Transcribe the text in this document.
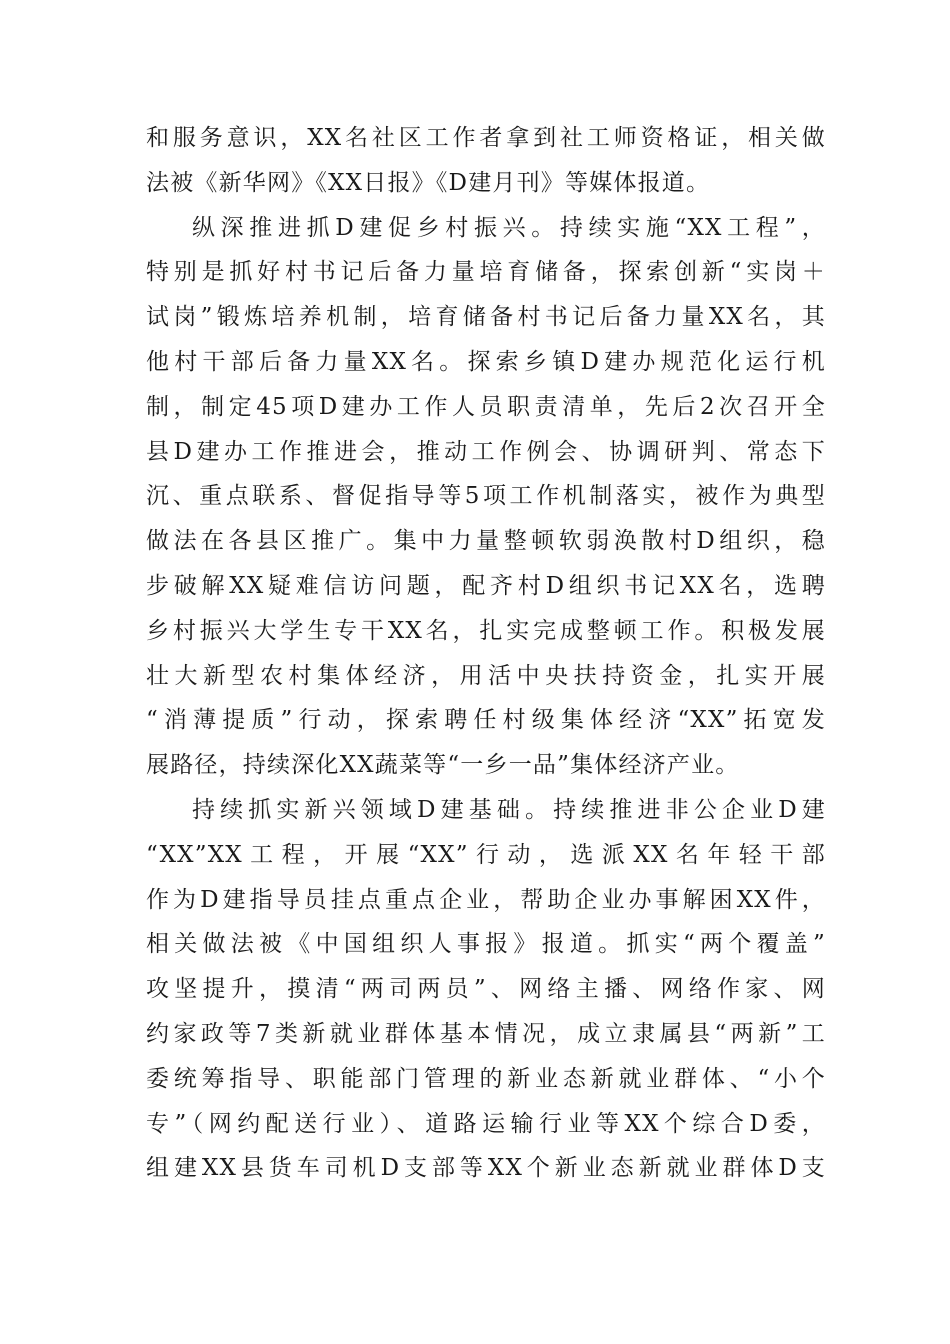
和服务意识，XX名社区工作者拿到社工师资格证，相关做
法被《新华网》《XX日报》《D建月刊》等媒体报道。
纵深推进抓D建促乡村振兴。持续实施“XX工程”，
特别是抓好村书记后备力量培育储备，探索创新“实岗＋
试岗”锻炼培养机制，培育储备村书记后备力量XX名，其
他村干部后备力量XX名。探索乡镇D建办规范化运行机
制，制定45项D建办工作人员职责清单，先后2次召开全
县D建办工作推进会，推动工作例会、协调研判、常态下
沉、重点联系、督促指导等5项工作机制落实，被作为典型
做法在各县区推广。集中力量整顿软弱涣散村D组织，稳
步破解XX疑难信访问题，配齐村D组织书记XX名，选聘
乡村振兴大学生专干XX名，扎实完成整顿工作。积极发展
壮大新型农村集体经济，用活中央扶持资金，扎实开展
“消薄提质”行动，探索聘任村级集体经济“XX”拓宽发
展路径，持续深化XX蔬菜等“一乡一品”集体经济产业。
持续抓实新兴领域D建基础。持续推进非公企业D建
“XX”XX工程，开展“XX”行动，选派XX名年轻干部
作为D建指导员挂点重点企业，帮助企业办事解困XX件，
相关做法被《中国组织人事报》报道。抓实“两个覆盖”
攻坚提升，摸清“两司两员”、网络主播、网络作家、网
约家政等7类新就业群体基本情况，成立隶属县“两新”工
委统筹指导、职能部门管理的新业态新就业群体、“小个
专”（网约配送行业）、道路运输行业等XX个综合D委，
组建XX县货车司机D支部等XX个新业态新就业群体D支
